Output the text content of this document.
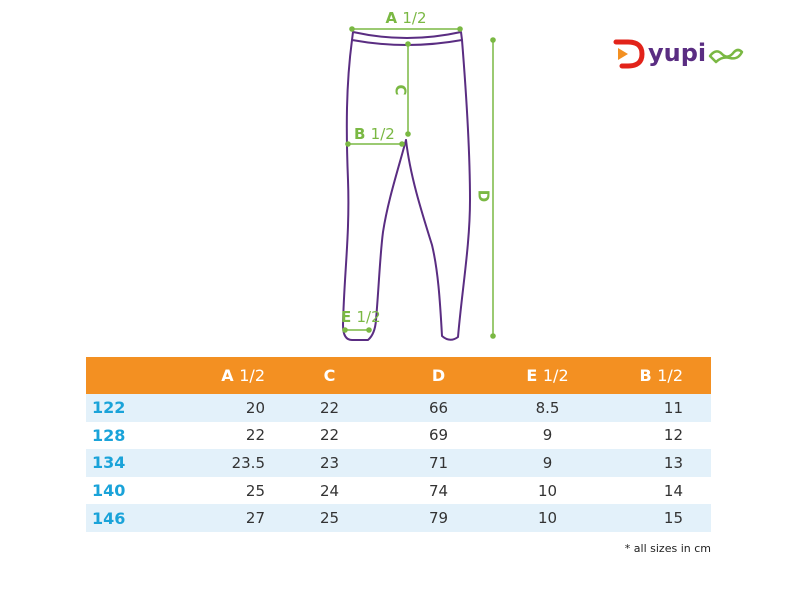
A 1/2
B 1/2
C
D
E 1/2
yupi
	A 1/2	C	D	E 1/2	B 1/2
122	20	22	66	8.5	11
128	22	22	69	9	12
134	23.5	23	71	9	13
140	25	24	74	10	14
146	27	25	79	10	15
* all sizes in cm
